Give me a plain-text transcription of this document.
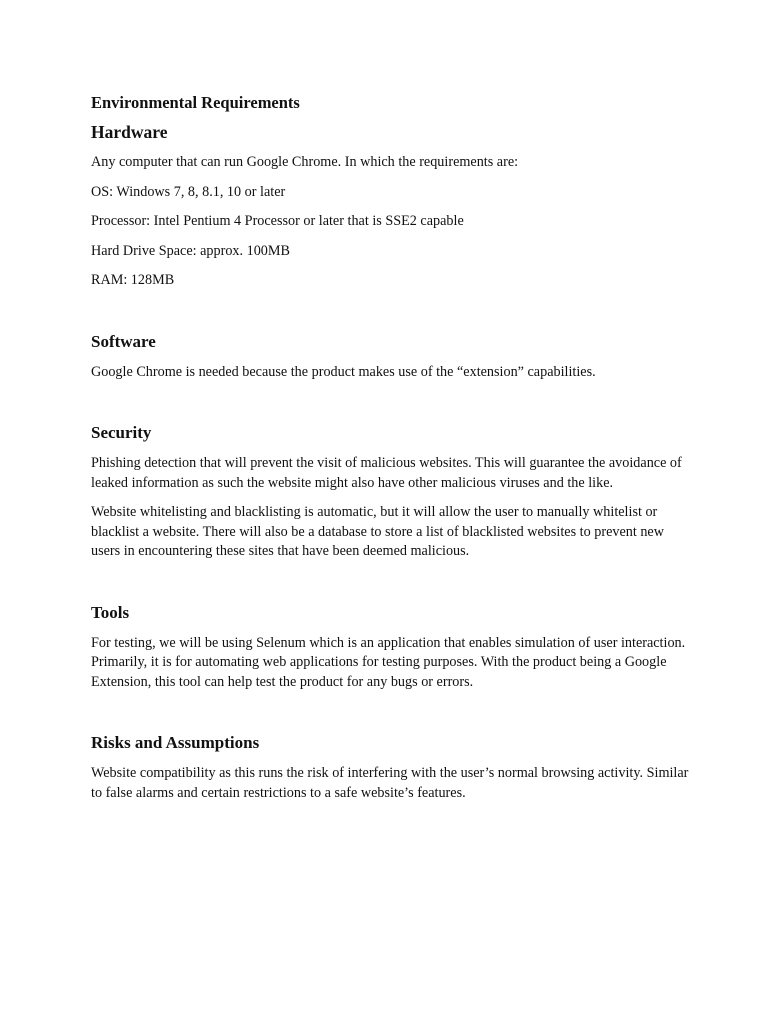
Environmental Requirements
Hardware

Any computer that can run Google Chrome. In which the requirements are:

OS: Windows 7, 8, 8.1, 10 or later

Processor: Intel Pentium 4 Processor or later that is SSE2 capable

Hard Drive Space: approx. 100MB

RAM: 128MB

Software

Google Chrome is needed because the product makes use of the “extension” capabilities.

Security

Phishing detection that will prevent the visit of malicious websites. This will guarantee the avoidance of leaked information as such the website might also have other malicious viruses and the like.

Website whitelisting and blacklisting is automatic, but it will allow the user to manually whitelist or blacklist a website. There will also be a database to store a list of blacklisted websites to prevent new users in encountering these sites that have been deemed malicious.

Tools

For testing, we will be using Selenum which is an application that enables simulation of user interaction. Primarily, it is for automating web applications for testing purposes. With the product being a Google Extension, this tool can help test the product for any bugs or errors.

Risks and Assumptions

Website compatibility as this runs the risk of interfering with the user’s normal browsing activity. Similar to false alarms and certain restrictions to a safe website’s features.
